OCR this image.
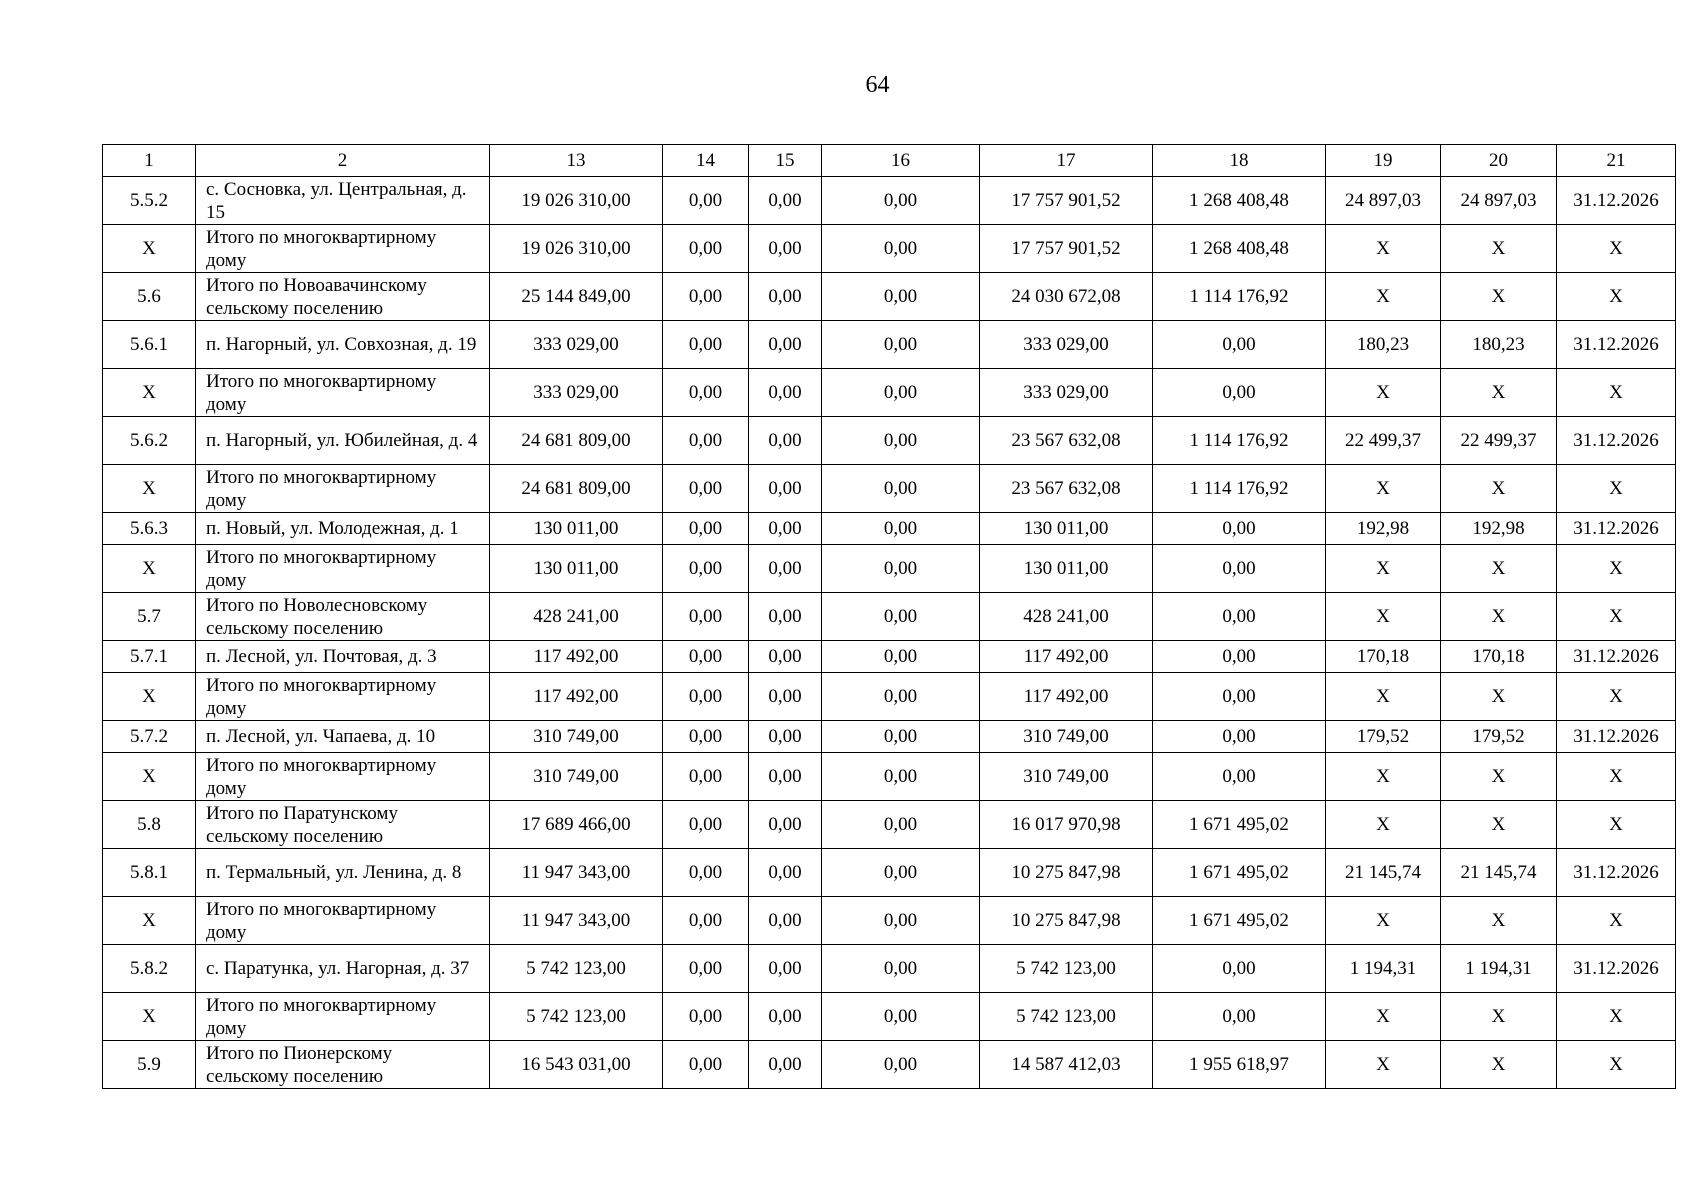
64
1	2	13	14	15	16	17	18	19	20	21
5.5.2	с. Сосновка, ул. Центральная, д. 15	19 026 310,00	0,00	0,00	0,00	17 757 901,52	1 268 408,48	24 897,03	24 897,03	31.12.2026
Х	Итого по многоквартирному дому	19 026 310,00	0,00	0,00	0,00	17 757 901,52	1 268 408,48	Х	Х	Х
5.6	Итого по Новоавачинскому сельскому поселению	25 144 849,00	0,00	0,00	0,00	24 030 672,08	1 114 176,92	Х	Х	Х
5.6.1	п. Нагорный, ул. Совхозная, д. 19	333 029,00	0,00	0,00	0,00	333 029,00	0,00	180,23	180,23	31.12.2026
Х	Итого по многоквартирному дому	333 029,00	0,00	0,00	0,00	333 029,00	0,00	Х	Х	Х
5.6.2	п. Нагорный, ул. Юбилейная, д. 4	24 681 809,00	0,00	0,00	0,00	23 567 632,08	1 114 176,92	22 499,37	22 499,37	31.12.2026
Х	Итого по многоквартирному дому	24 681 809,00	0,00	0,00	0,00	23 567 632,08	1 114 176,92	Х	Х	Х
5.6.3	п. Новый, ул. Молодежная, д. 1	130 011,00	0,00	0,00	0,00	130 011,00	0,00	192,98	192,98	31.12.2026
Х	Итого по многоквартирному дому	130 011,00	0,00	0,00	0,00	130 011,00	0,00	Х	Х	Х
5.7	Итого по Новолесновскому сельскому поселению	428 241,00	0,00	0,00	0,00	428 241,00	0,00	Х	Х	Х
5.7.1	п. Лесной, ул. Почтовая, д. 3	117 492,00	0,00	0,00	0,00	117 492,00	0,00	170,18	170,18	31.12.2026
Х	Итого по многоквартирному дому	117 492,00	0,00	0,00	0,00	117 492,00	0,00	Х	Х	Х
5.7.2	п. Лесной, ул. Чапаева, д. 10	310 749,00	0,00	0,00	0,00	310 749,00	0,00	179,52	179,52	31.12.2026
Х	Итого по многоквартирному дому	310 749,00	0,00	0,00	0,00	310 749,00	0,00	Х	Х	Х
5.8	Итого по Паратунскому сельскому поселению	17 689 466,00	0,00	0,00	0,00	16 017 970,98	1 671 495,02	Х	Х	Х
5.8.1	п. Термальный, ул. Ленина, д. 8	11 947 343,00	0,00	0,00	0,00	10 275 847,98	1 671 495,02	21 145,74	21 145,74	31.12.2026
Х	Итого по многоквартирному дому	11 947 343,00	0,00	0,00	0,00	10 275 847,98	1 671 495,02	Х	Х	Х
5.8.2	с. Паратунка, ул. Нагорная, д. 37	5 742 123,00	0,00	0,00	0,00	5 742 123,00	0,00	1 194,31	1 194,31	31.12.2026
Х	Итого по многоквартирному дому	5 742 123,00	0,00	0,00	0,00	5 742 123,00	0,00	Х	Х	Х
5.9	Итого по Пионерскому сельскому поселению	16 543 031,00	0,00	0,00	0,00	14 587 412,03	1 955 618,97	Х	Х	Х
